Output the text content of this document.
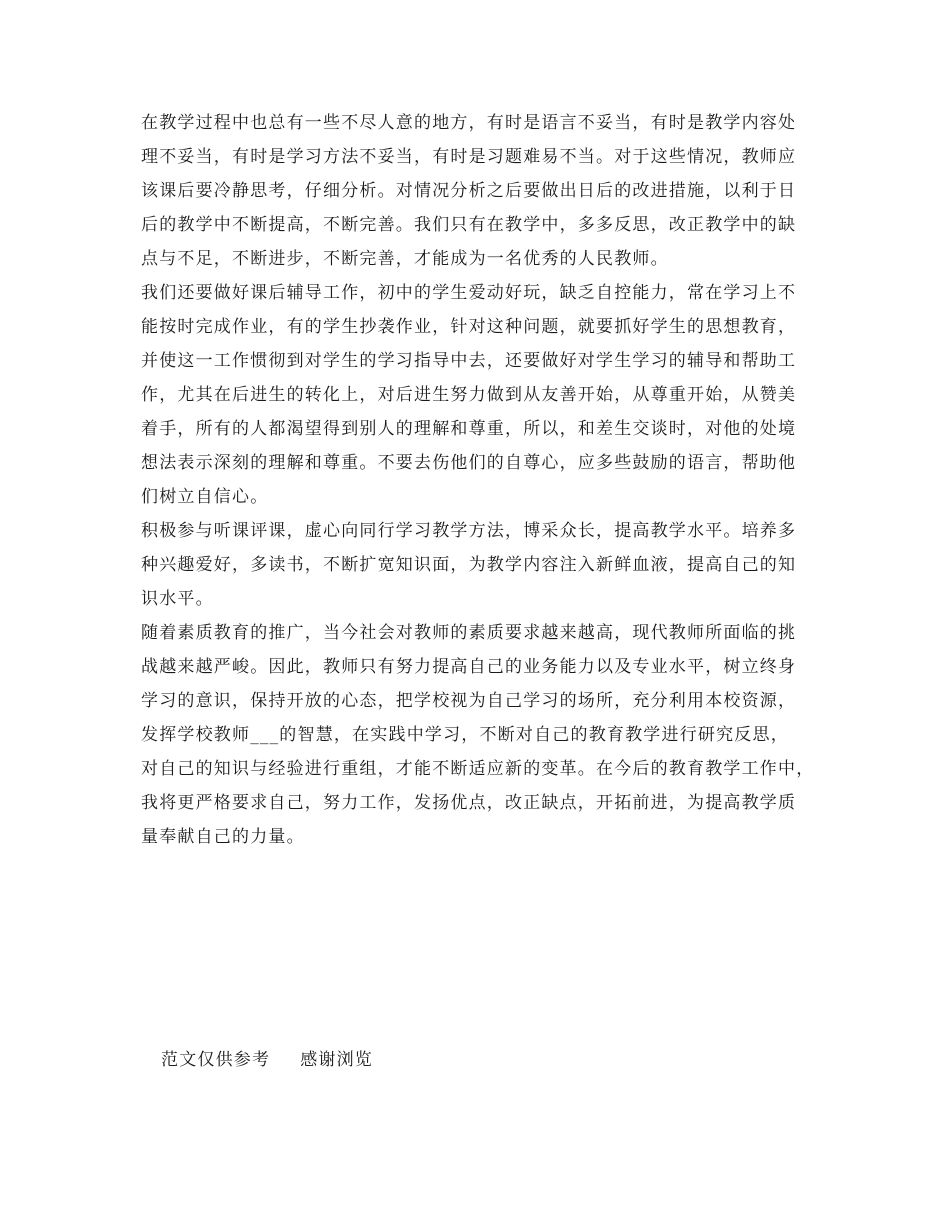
在教学过程中也总有一些不尽人意的地方，有时是语言不妥当，有时是教学内容处
理不妥当，有时是学习方法不妥当，有时是习题难易不当。对于这些情况，教师应
该课后要冷静思考，仔细分析。对情况分析之后要做出日后的改进措施，以利于日
后的教学中不断提高，不断完善。我们只有在教学中，多多反思，改正教学中的缺
点与不足，不断进步，不断完善，才能成为一名优秀的人民教师。

我们还要做好课后辅导工作，初中的学生爱动好玩，缺乏自控能力，常在学习上不
能按时完成作业，有的学生抄袭作业，针对这种问题，就要抓好学生的思想教育，
并使这一工作惯彻到对学生的学习指导中去，还要做好对学生学习的辅导和帮助工
作，尤其在后进生的转化上，对后进生努力做到从友善开始，从尊重开始，从赞美
着手，所有的人都渴望得到别人的理解和尊重，所以，和差生交谈时，对他的处境
想法表示深刻的理解和尊重。不要去伤他们的自尊心，应多些鼓励的语言，帮助他
们树立自信心。

积极参与听课评课，虚心向同行学习教学方法，博采众长，提高教学水平。培养多
种兴趣爱好，多读书，不断扩宽知识面，为教学内容注入新鲜血液，提高自己的知
识水平。

随着素质教育的推广，当今社会对教师的素质要求越来越高，现代教师所面临的挑
战越来越严峻。因此，教师只有努力提高自己的业务能力以及专业水平，树立终身
学习的意识，保持开放的心态，把学校视为自己学习的场所，充分利用本校资源，
发挥学校教师___的智慧，在实践中学习，不断对自己的教育教学进行研究反思，
对自己的知识与经验进行重组，才能不断适应新的变革。在今后的教育教学工作中，
我将更严格要求自己，努力工作，发扬优点，改正缺点，开拓前进，为提高教学质
量奉献自己的力量。

范文仅供参考 感谢浏览
